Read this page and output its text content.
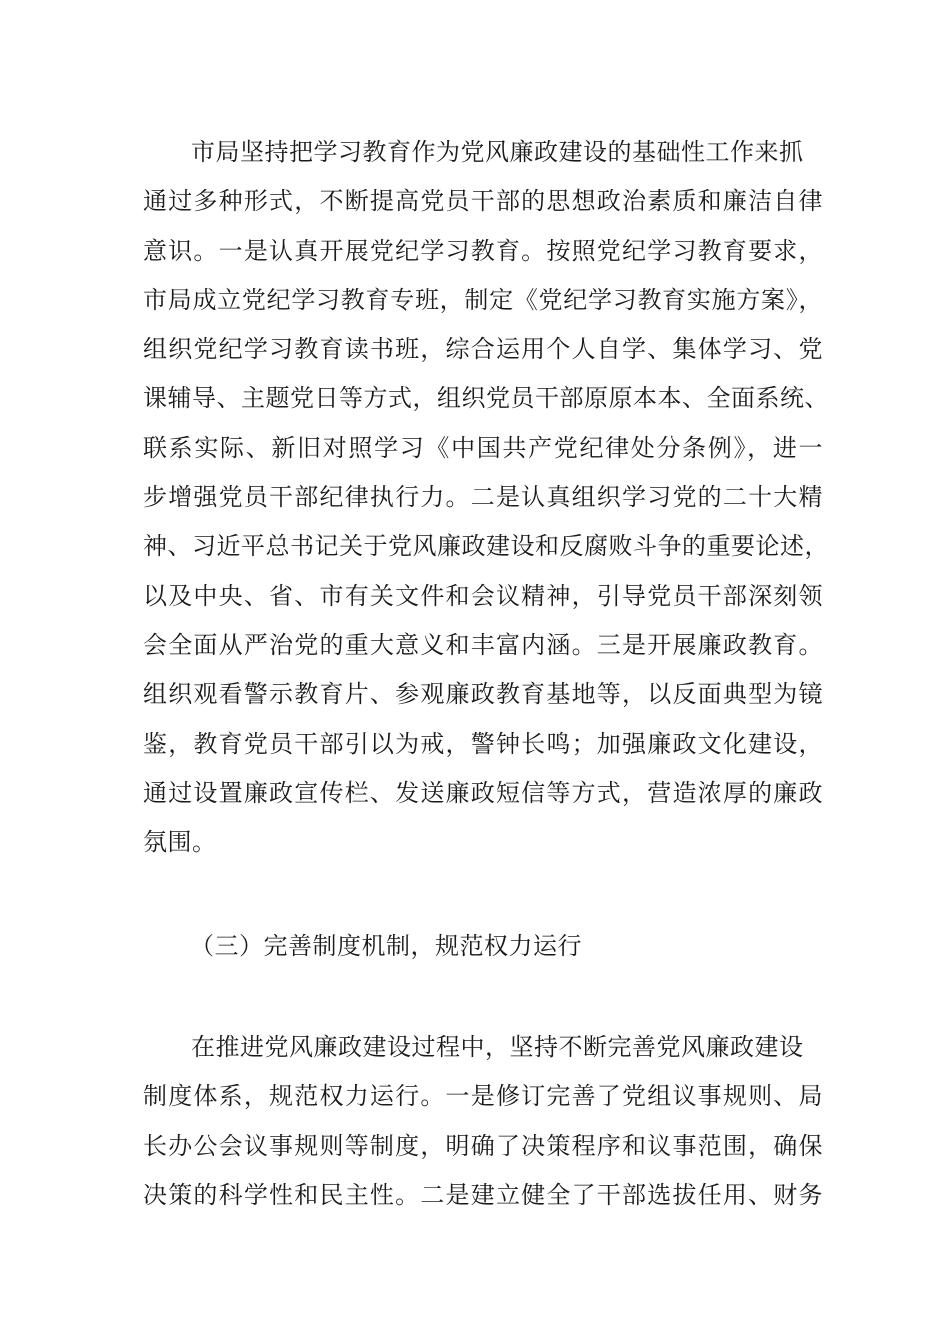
市局坚持把学习教育作为党风廉政建设的基础性工作来抓
通过多种形式，不断提高党员干部的思想政治素质和廉洁自律
意识。一是认真开展党纪学习教育。按照党纪学习教育要求，
市局成立党纪学习教育专班，制定《党纪学习教育实施方案》，
组织党纪学习教育读书班，综合运用个人自学、集体学习、党
课辅导、主题党日等方式，组织党员干部原原本本、全面系统、
联系实际、新旧对照学习《中国共产党纪律处分条例》，进一
步增强党员干部纪律执行力。二是认真组织学习党的二十大精
神、习近平总书记关于党风廉政建设和反腐败斗争的重要论述，
以及中央、省、市有关文件和会议精神，引导党员干部深刻领
会全面从严治党的重大意义和丰富内涵。三是开展廉政教育。
组织观看警示教育片、参观廉政教育基地等，以反面典型为镜
鉴，教育党员干部引以为戒，警钟长鸣；加强廉政文化建设，
通过设置廉政宣传栏、发送廉政短信等方式，营造浓厚的廉政
氛围。
（三）完善制度机制，规范权力运行
在推进党风廉政建设过程中，坚持不断完善党风廉政建设
制度体系，规范权力运行。一是修订完善了党组议事规则、局
长办公会议事规则等制度，明确了决策程序和议事范围，确保
决策的科学性和民主性。二是建立健全了干部选拔任用、财务
